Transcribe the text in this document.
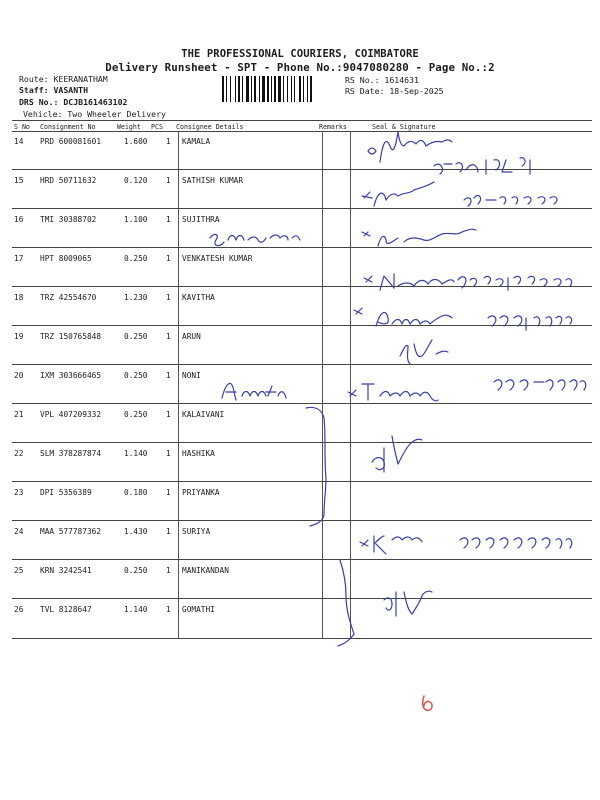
THE PROFESSIONAL COURIERS, COIMBATORE
Delivery Runsheet - SPT - Phone No.:9047080280 - Page No.:2
Route: KEERANATHAM
Staff: VASANTH
DRS No.: DCJB161463102
Vehicle: Two Wheeler Delivery
RS No.: 1614631
RS Date: 18-Sep-2025
S No Consignment No	Weight PCS Consignee Details	Remarks	Seal & Signature
14 PRD 600081601	1.600 1 KAMALA
15 HRD 50711632	0.120 1 SATHISH KUMAR
16 TMI 30388702	1.100 1 SUJITHRA
17 HPT 8009065	0.250 1 VENKATESH KUMAR
18 TRZ 42554670	1.230 1 KAVITHA
19 TRZ 150765848	0.250 1 ARUN
20 IXM 303666465	0.250 1 NONI
21 VPL 407209332	0.250 1 KALAIVANI
22 SLM 378287874	1.140 1 HASHIKA
23 DPI 5356389	0.180 1 PRIYANKA
24 MAA 577787362	1.430 1 SURIYA
25 KRN 3242541	0.250 1 MANIKANDAN
26 TVL 8128647	1.140 1 GOMATHI
